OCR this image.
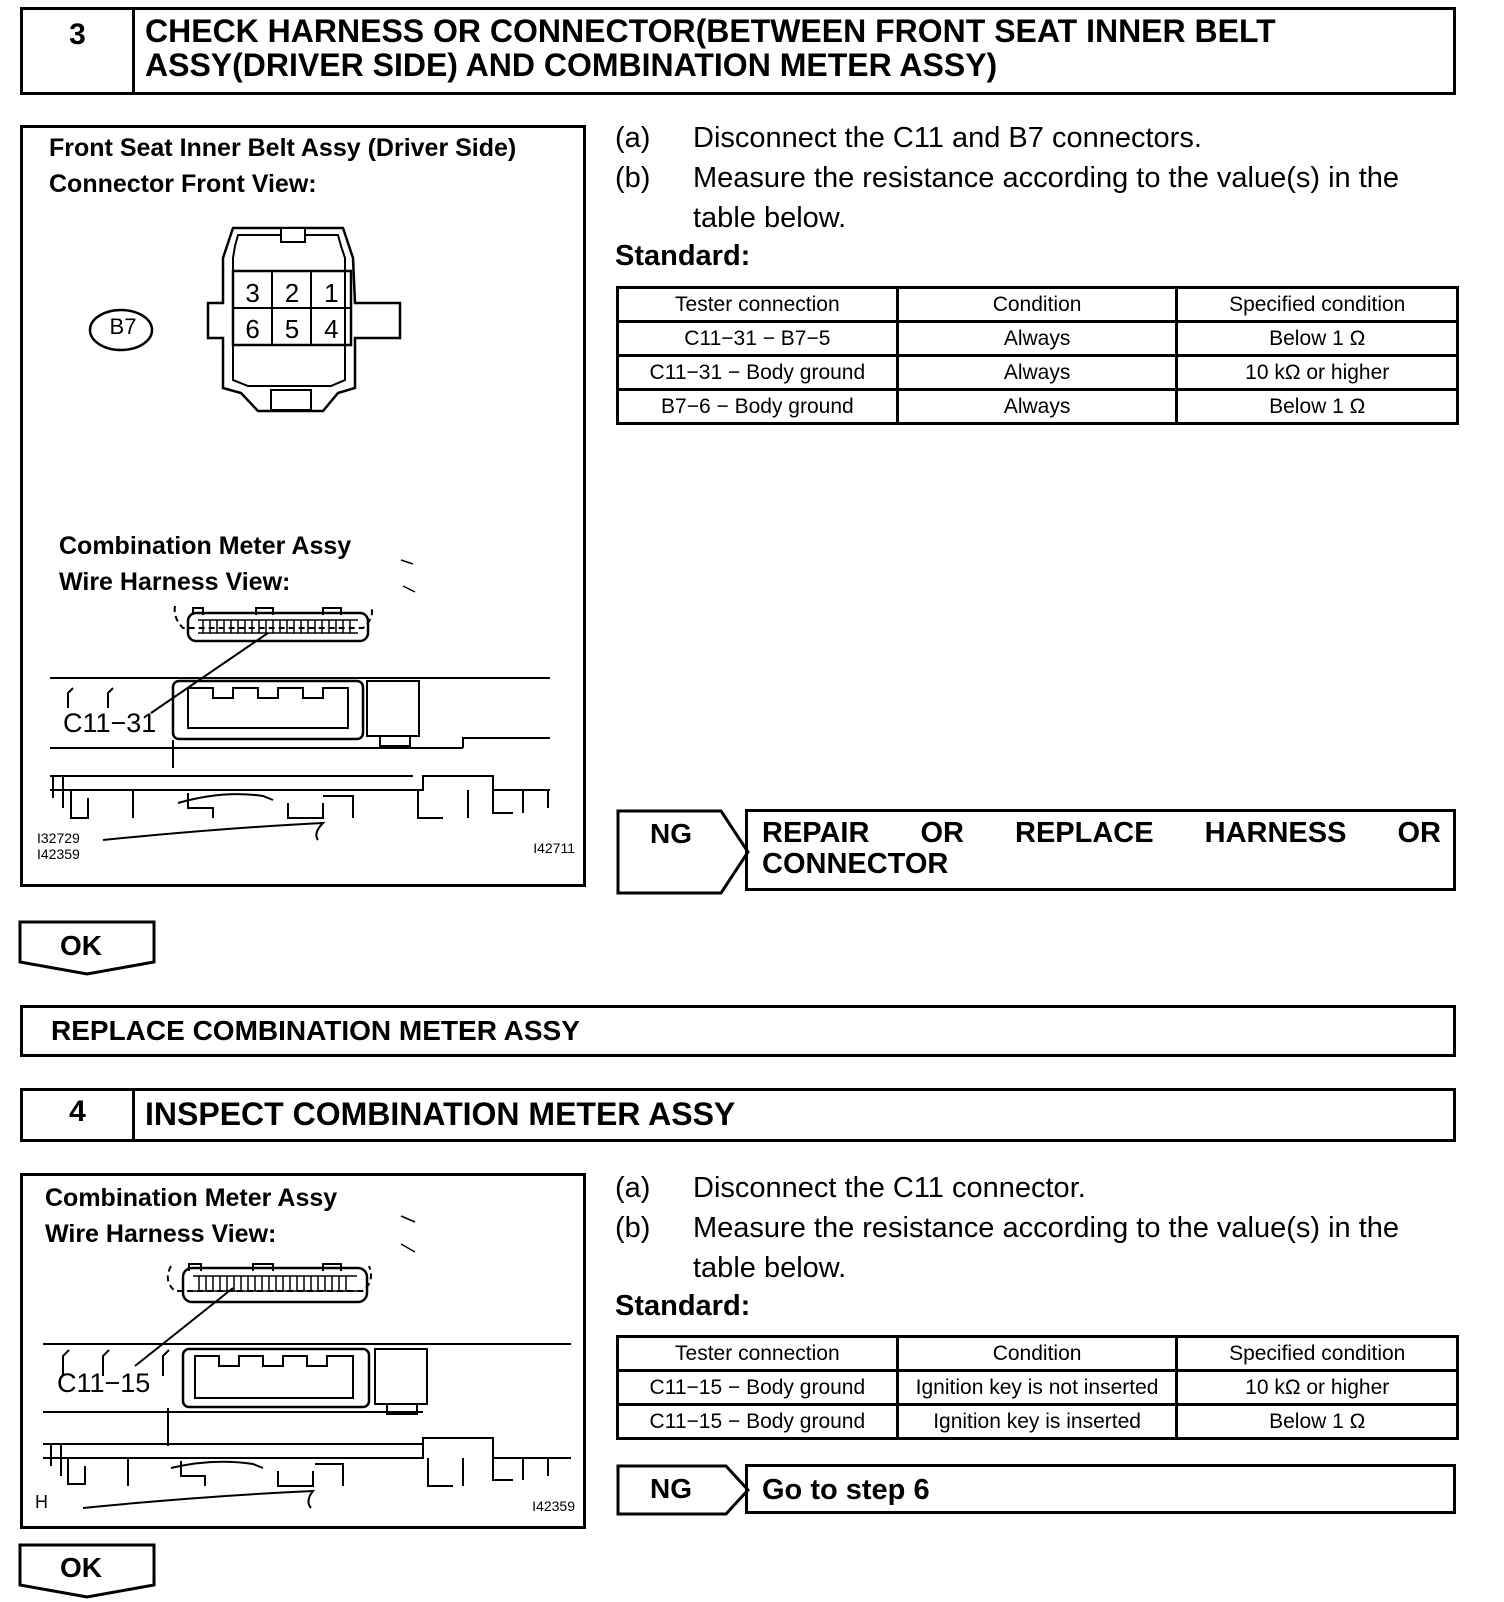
3	CHECK HARNESS OR CONNECTOR(BETWEEN FRONT SEAT INNER BELT
ASSY(DRIVER SIDE) AND COMBINATION METER ASSY)
Front Seat Inner Belt Assy (Driver Side)
Connector Front View:
B7
3 2 1
6 5 4
Combination Meter Assy
Wire Harness View:
C11−31
I32729
I42359	I42711
(a) Disconnect the C11 and B7 connectors.
(b) Measure the resistance according to the value(s) in the
table below.
Standard:
Tester connection	Condition	Specified condition
C11−31 − B7−5	Always	Below 1 Ω
C11−31 − Body ground	Always	10 kΩ or higher
B7−6 − Body ground	Always	Below 1 Ω
NG REPAIR OR REPLACE HARNESS OR
CONNECTOR
OK
REPLACE COMBINATION METER ASSY
4	INSPECT COMBINATION METER ASSY
Combination Meter Assy
Wire Harness View:
C11−15
H	I42359
(a) Disconnect the C11 connector.
(b) Measure the resistance according to the value(s) in the
table below.
Standard:
Tester connection	Condition	Specified condition
C11−15 − Body ground	Ignition key is not inserted	10 kΩ or higher
C11−15 − Body ground	Ignition key is inserted	Below 1 Ω
NG	Go to step 6
OK
